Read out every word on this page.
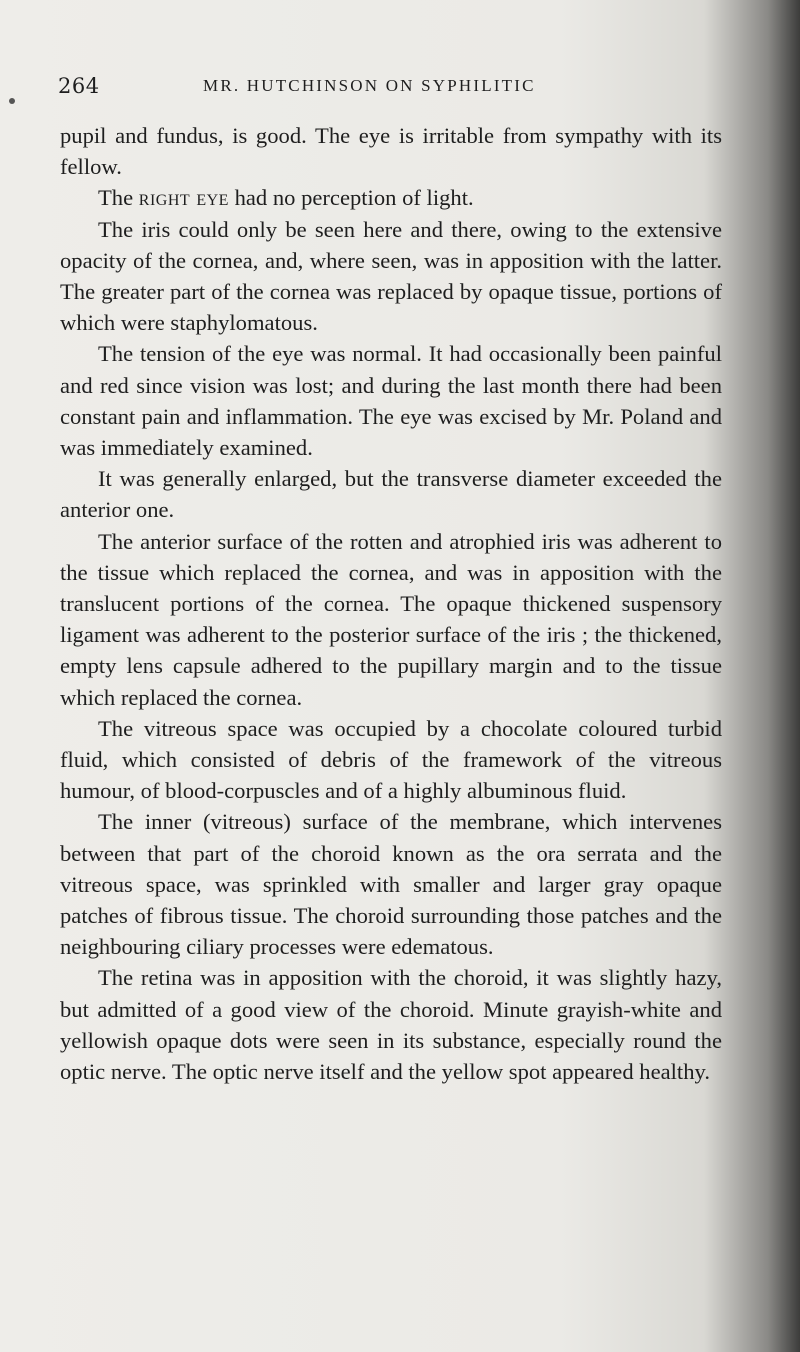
264	MR. HUTCHINSON ON SYPHILITIC

pupil and fundus, is good. The eye is irritable from sympathy with its fellow.

The right eye had no perception of light.

The iris could only be seen here and there, owing to the extensive opacity of the cornea, and, where seen, was in apposition with the latter. The greater part of the cornea was replaced by opaque tissue, portions of which were staphylomatous.

The tension of the eye was normal. It had occasionally been painful and red since vision was lost; and during the last month there had been constant pain and inflammation. The eye was excised by Mr. Poland and was immediately examined.

It was generally enlarged, but the transverse diameter exceeded the anterior one.

The anterior surface of the rotten and atrophied iris was adherent to the tissue which replaced the cornea, and was in apposition with the translucent portions of the cornea. The opaque thickened suspensory ligament was adherent to the posterior surface of the iris ; the thickened, empty lens capsule adhered to the pupillary margin and to the tissue which replaced the cornea.

The vitreous space was occupied by a chocolate coloured turbid fluid, which consisted of debris of the framework of the vitreous humour, of blood-corpuscles and of a highly albuminous fluid.

The inner (vitreous) surface of the membrane, which intervenes between that part of the choroid known as the ora serrata and the vitreous space, was sprinkled with smaller and larger gray opaque patches of fibrous tissue. The choroid surrounding those patches and the neighbouring ciliary processes were edematous.

The retina was in apposition with the choroid, it was slightly hazy, but admitted of a good view of the choroid. Minute grayish-white and yellowish opaque dots were seen in its substance, especially round the optic nerve. The optic nerve itself and the yellow spot appeared healthy.
